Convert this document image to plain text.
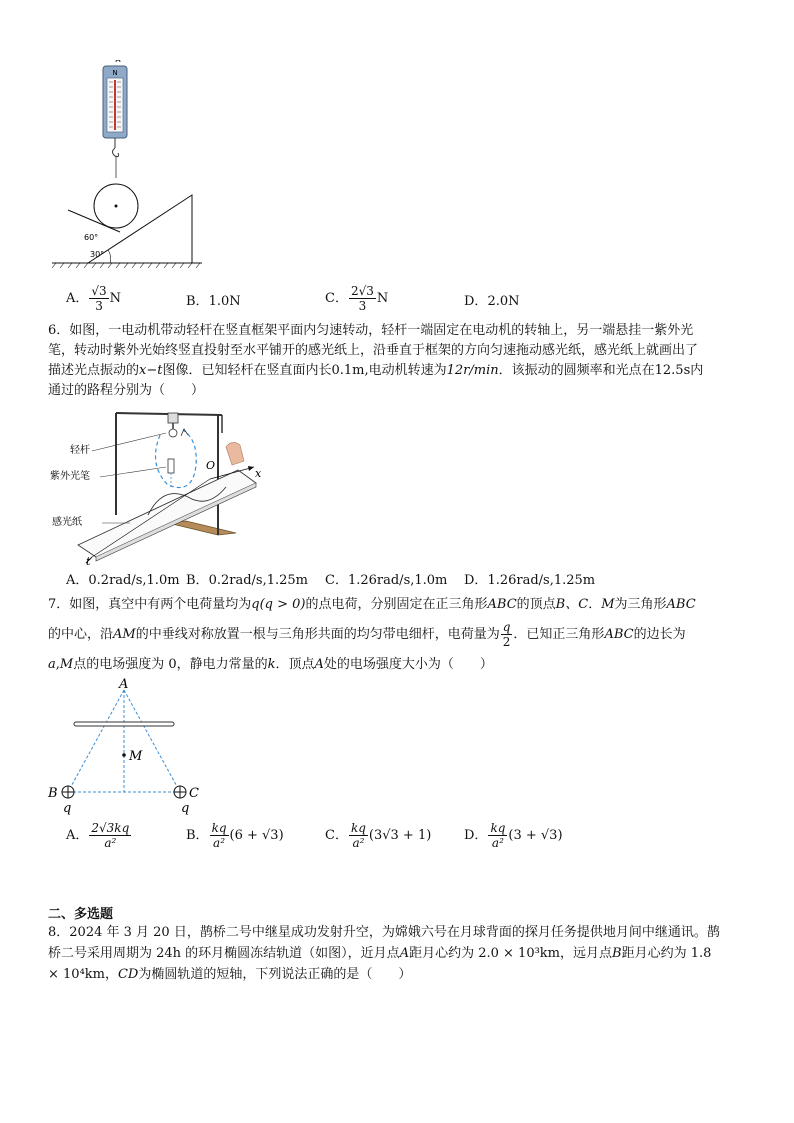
N
60°
30°
A． $\frac{√3}{3}$ N	B．1.0N	C． $\frac{2√3}{3}$ N	D．2.0N
6．如图，一电动机带动轻杆在竖直框架平面内匀速转动，轻杆一端固定在电动机的转轴上，另一端悬挂一紫外光
笔，转动时紫外光始终竖直投射至水平铺开的感光纸上，沿垂直于框架的方向匀速拖动感光纸，感光纸上就画出了
描述光点振动的x−t图像．已知轻杆在竖直面内长0.1m,电动机转速为12r/min．该振动的圆频率和光点在12.5s内
通过的路程分别为（　　）
轻杆
紫外光笔
感光纸
O
x
t
A．0.2rad/s,1.0m B．0.2rad/s,1.25m C．1.26rad/s,1.0m D．1.26rad/s,1.25m
7．如图，真空中有两个电荷量均为q(q > 0)的点电荷，分别固定在正三角形ABC的顶点B、C．M为三角形ABC
的中心，沿AM的中垂线对称放置一根与三角形共面的均匀带电细杆，电荷量为 $\frac{q}{2}$ ．已知正三角形ABC的边长为
a,M点的电场强度为 0，静电力常量的k．顶点A处的电场强度大小为（　　）
A
M
B	C
q	q
A． $\frac{2√3kq}{\text{a²}}$	B． $\frac{kq}{\text{a²}} (6 + √3)$	C． $\frac{kq}{\text{a²}} (3√3 + 1)$	D． $\frac{kq}{\text{a²}} (3 + √3)$
二、多选题
8．2024 年 3 月 20 日，鹊桥二号中继星成功发射升空，为嫦娥六号在月球背面的探月任务提供地月间中继通讯。鹊
桥二号采用周期为 24h 的环月椭圆冻结轨道（如图），近月点A距月心约为 2.0 × 10³km，远月点B距月心约为 1.8
× 10⁴km，CD为椭圆轨道的短轴，下列说法正确的是（　　）
